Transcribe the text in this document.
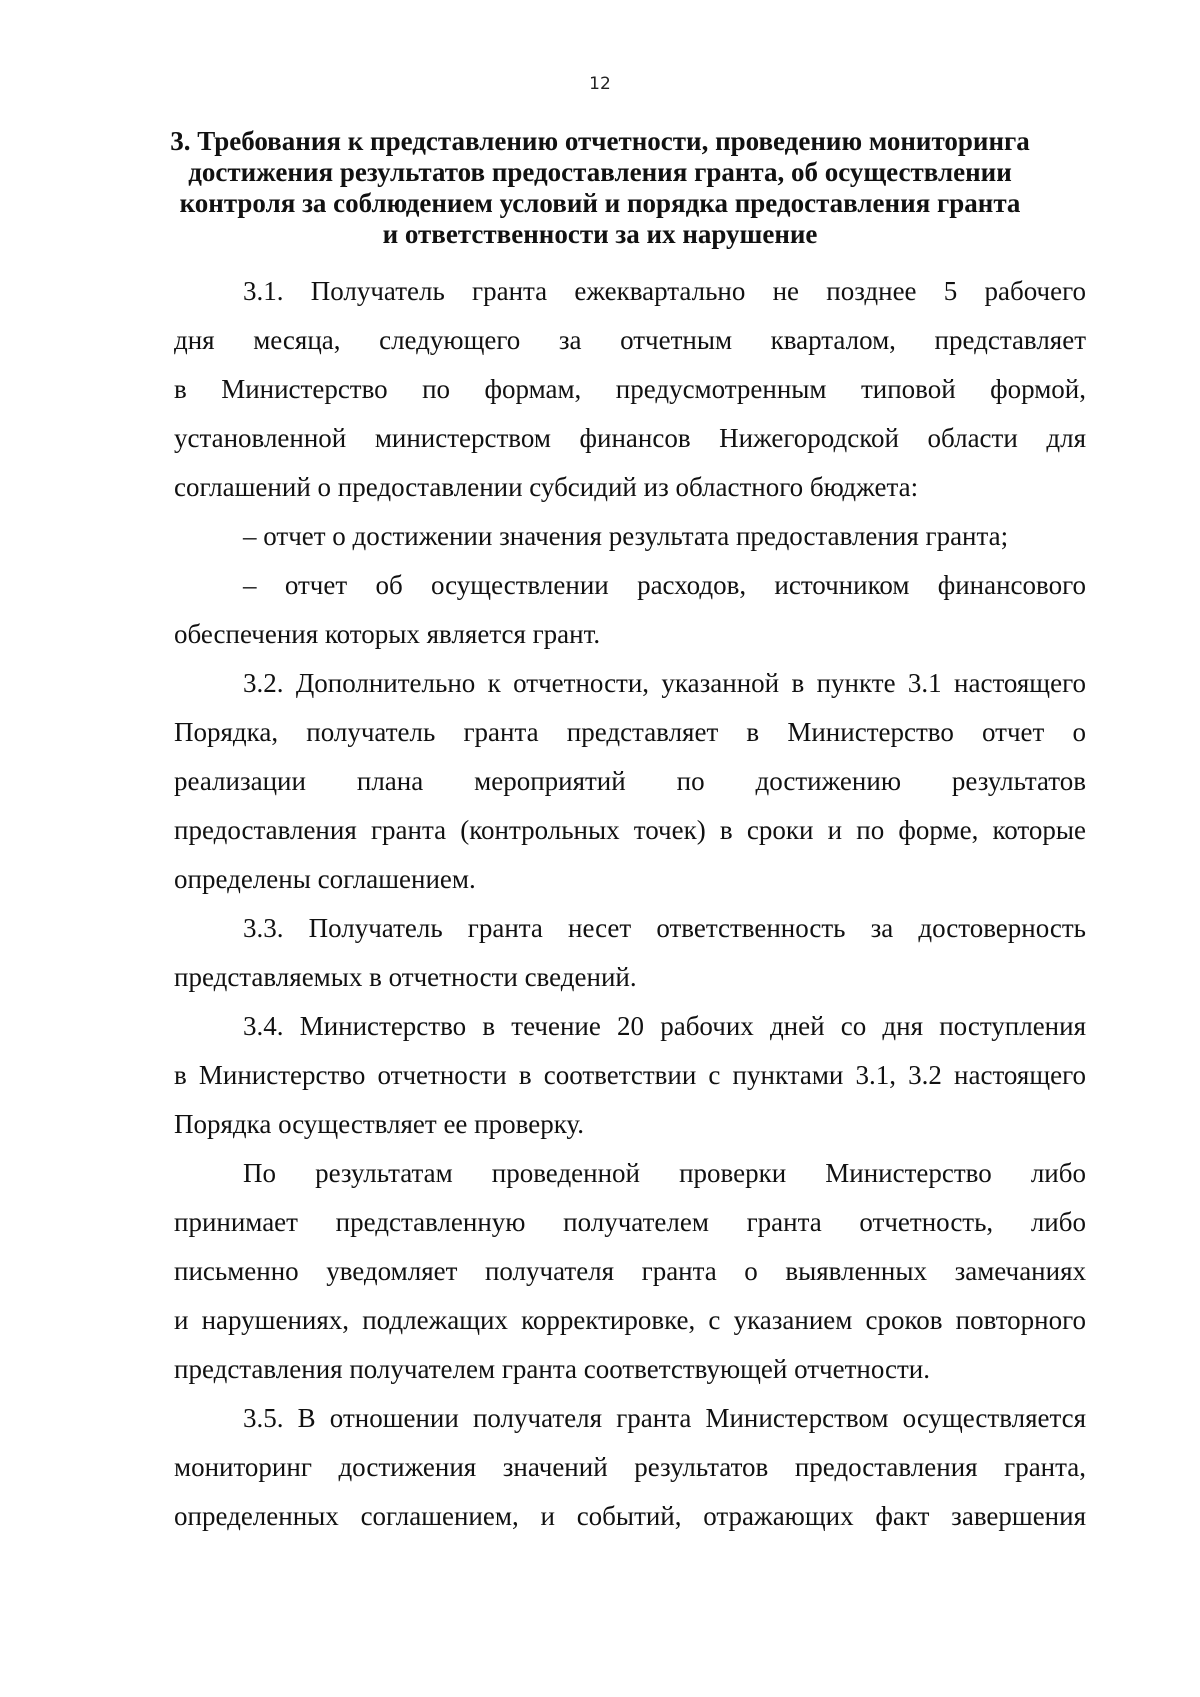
12
3. Требования к представлению отчетности, проведению мониторинга
достижения результатов предоставления гранта, об осуществлении
контроля за соблюдением условий и порядка предоставления гранта
и ответственности за их нарушение
3.1. Получатель гранта ежеквартально не позднее 5 рабочего
дня месяца, следующего за отчетным кварталом, представляет
в Министерство по формам, предусмотренным типовой формой,
установленной министерством финансов Нижегородской области для
соглашений о предоставлении субсидий из областного бюджета:
– отчет о достижении значения результата предоставления гранта;
– отчет об осуществлении расходов, источником финансового
обеспечения которых является грант.
3.2. Дополнительно к отчетности, указанной в пункте 3.1 настоящего
Порядка, получатель гранта представляет в Министерство отчет о
реализации плана мероприятий по достижению результатов
предоставления гранта (контрольных точек) в сроки и по форме, которые
определены соглашением.
3.3. Получатель гранта несет ответственность за достоверность
представляемых в отчетности сведений.
3.4. Министерство в течение 20 рабочих дней со дня поступления
в Министерство отчетности в соответствии с пунктами 3.1, 3.2 настоящего
Порядка осуществляет ее проверку.
По результатам проведенной проверки Министерство либо
принимает представленную получателем гранта отчетность, либо
письменно уведомляет получателя гранта о выявленных замечаниях
и нарушениях, подлежащих корректировке, с указанием сроков повторного
представления получателем гранта соответствующей отчетности.
3.5. В отношении получателя гранта Министерством осуществляется
мониторинг достижения значений результатов предоставления гранта,
определенных соглашением, и событий, отражающих факт завершения
